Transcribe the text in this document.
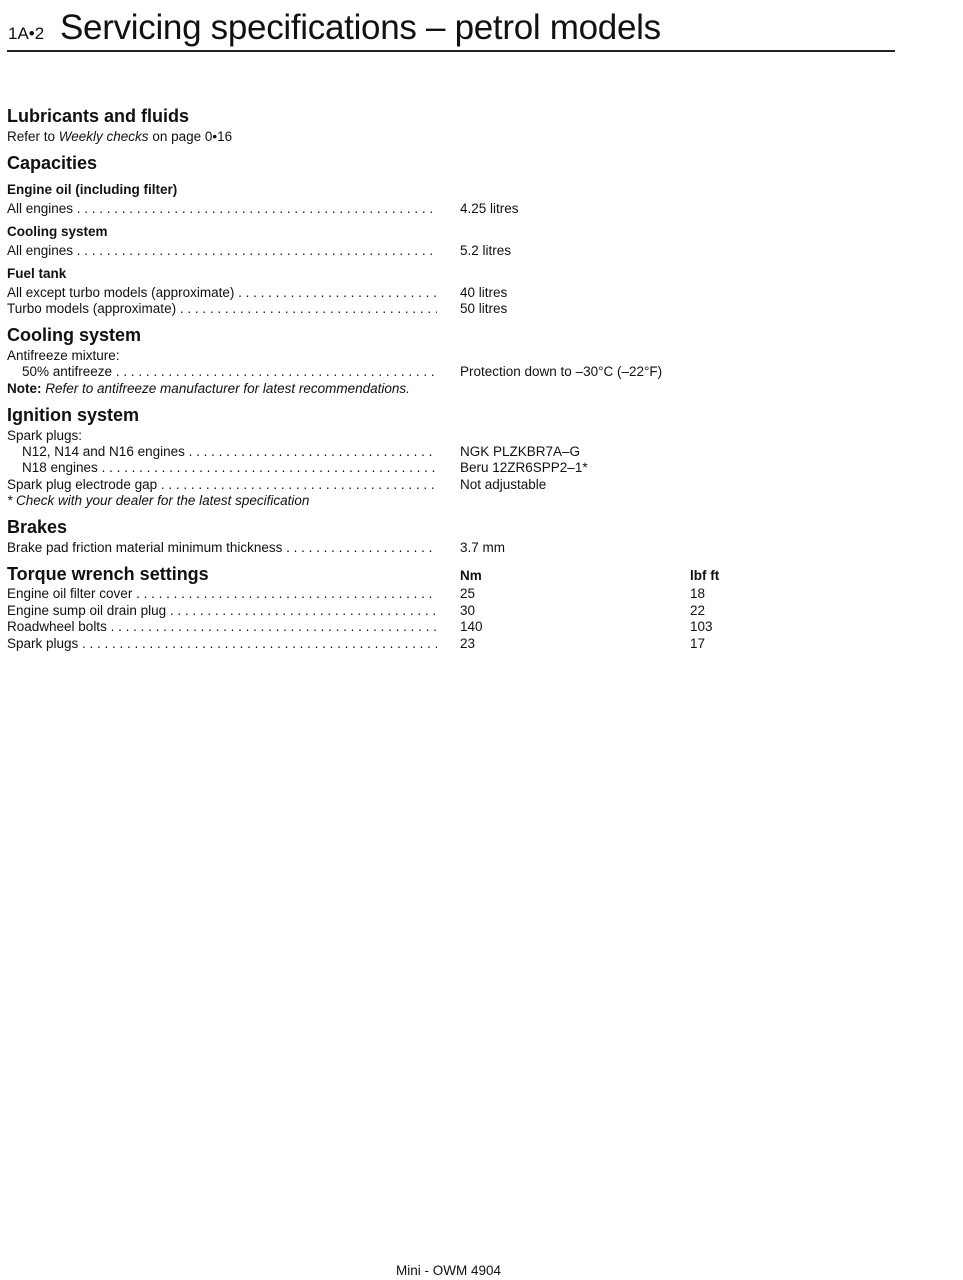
1A•2 Servicing specifications – petrol models
Lubricants and fluids
Refer to Weekly checks on page 0•16
Capacities
Engine oil (including filter)
All engines . . .	4.25 litres
Cooling system
All engines . . .	5.2 litres
Fuel tank
All except turbo models (approximate) . . .	40 litres
Turbo models (approximate) . . .	50 litres
Cooling system
Antifreeze mixture:
50% antifreeze . . .	Protection down to –30°C (–22°F)
Note: Refer to antifreeze manufacturer for latest recommendations.
Ignition system
Spark plugs:
N12, N14 and N16 engines . . .	NGK PLZKBR7A–G
N18 engines . . .	Beru 12ZR6SPP2–1*
Spark plug electrode gap . . .	Not adjustable
* Check with your dealer for the latest specification
Brakes
Brake pad friction material minimum thickness . . .	3.7 mm
Torque wrench settings	Nm	lbf ft
Engine oil filter cover . . .	25	18
Engine sump oil drain plug . . .	30	22
Roadwheel bolts . . .	140	103
Spark plugs . . .	23	17
Mini - OWM 4904
